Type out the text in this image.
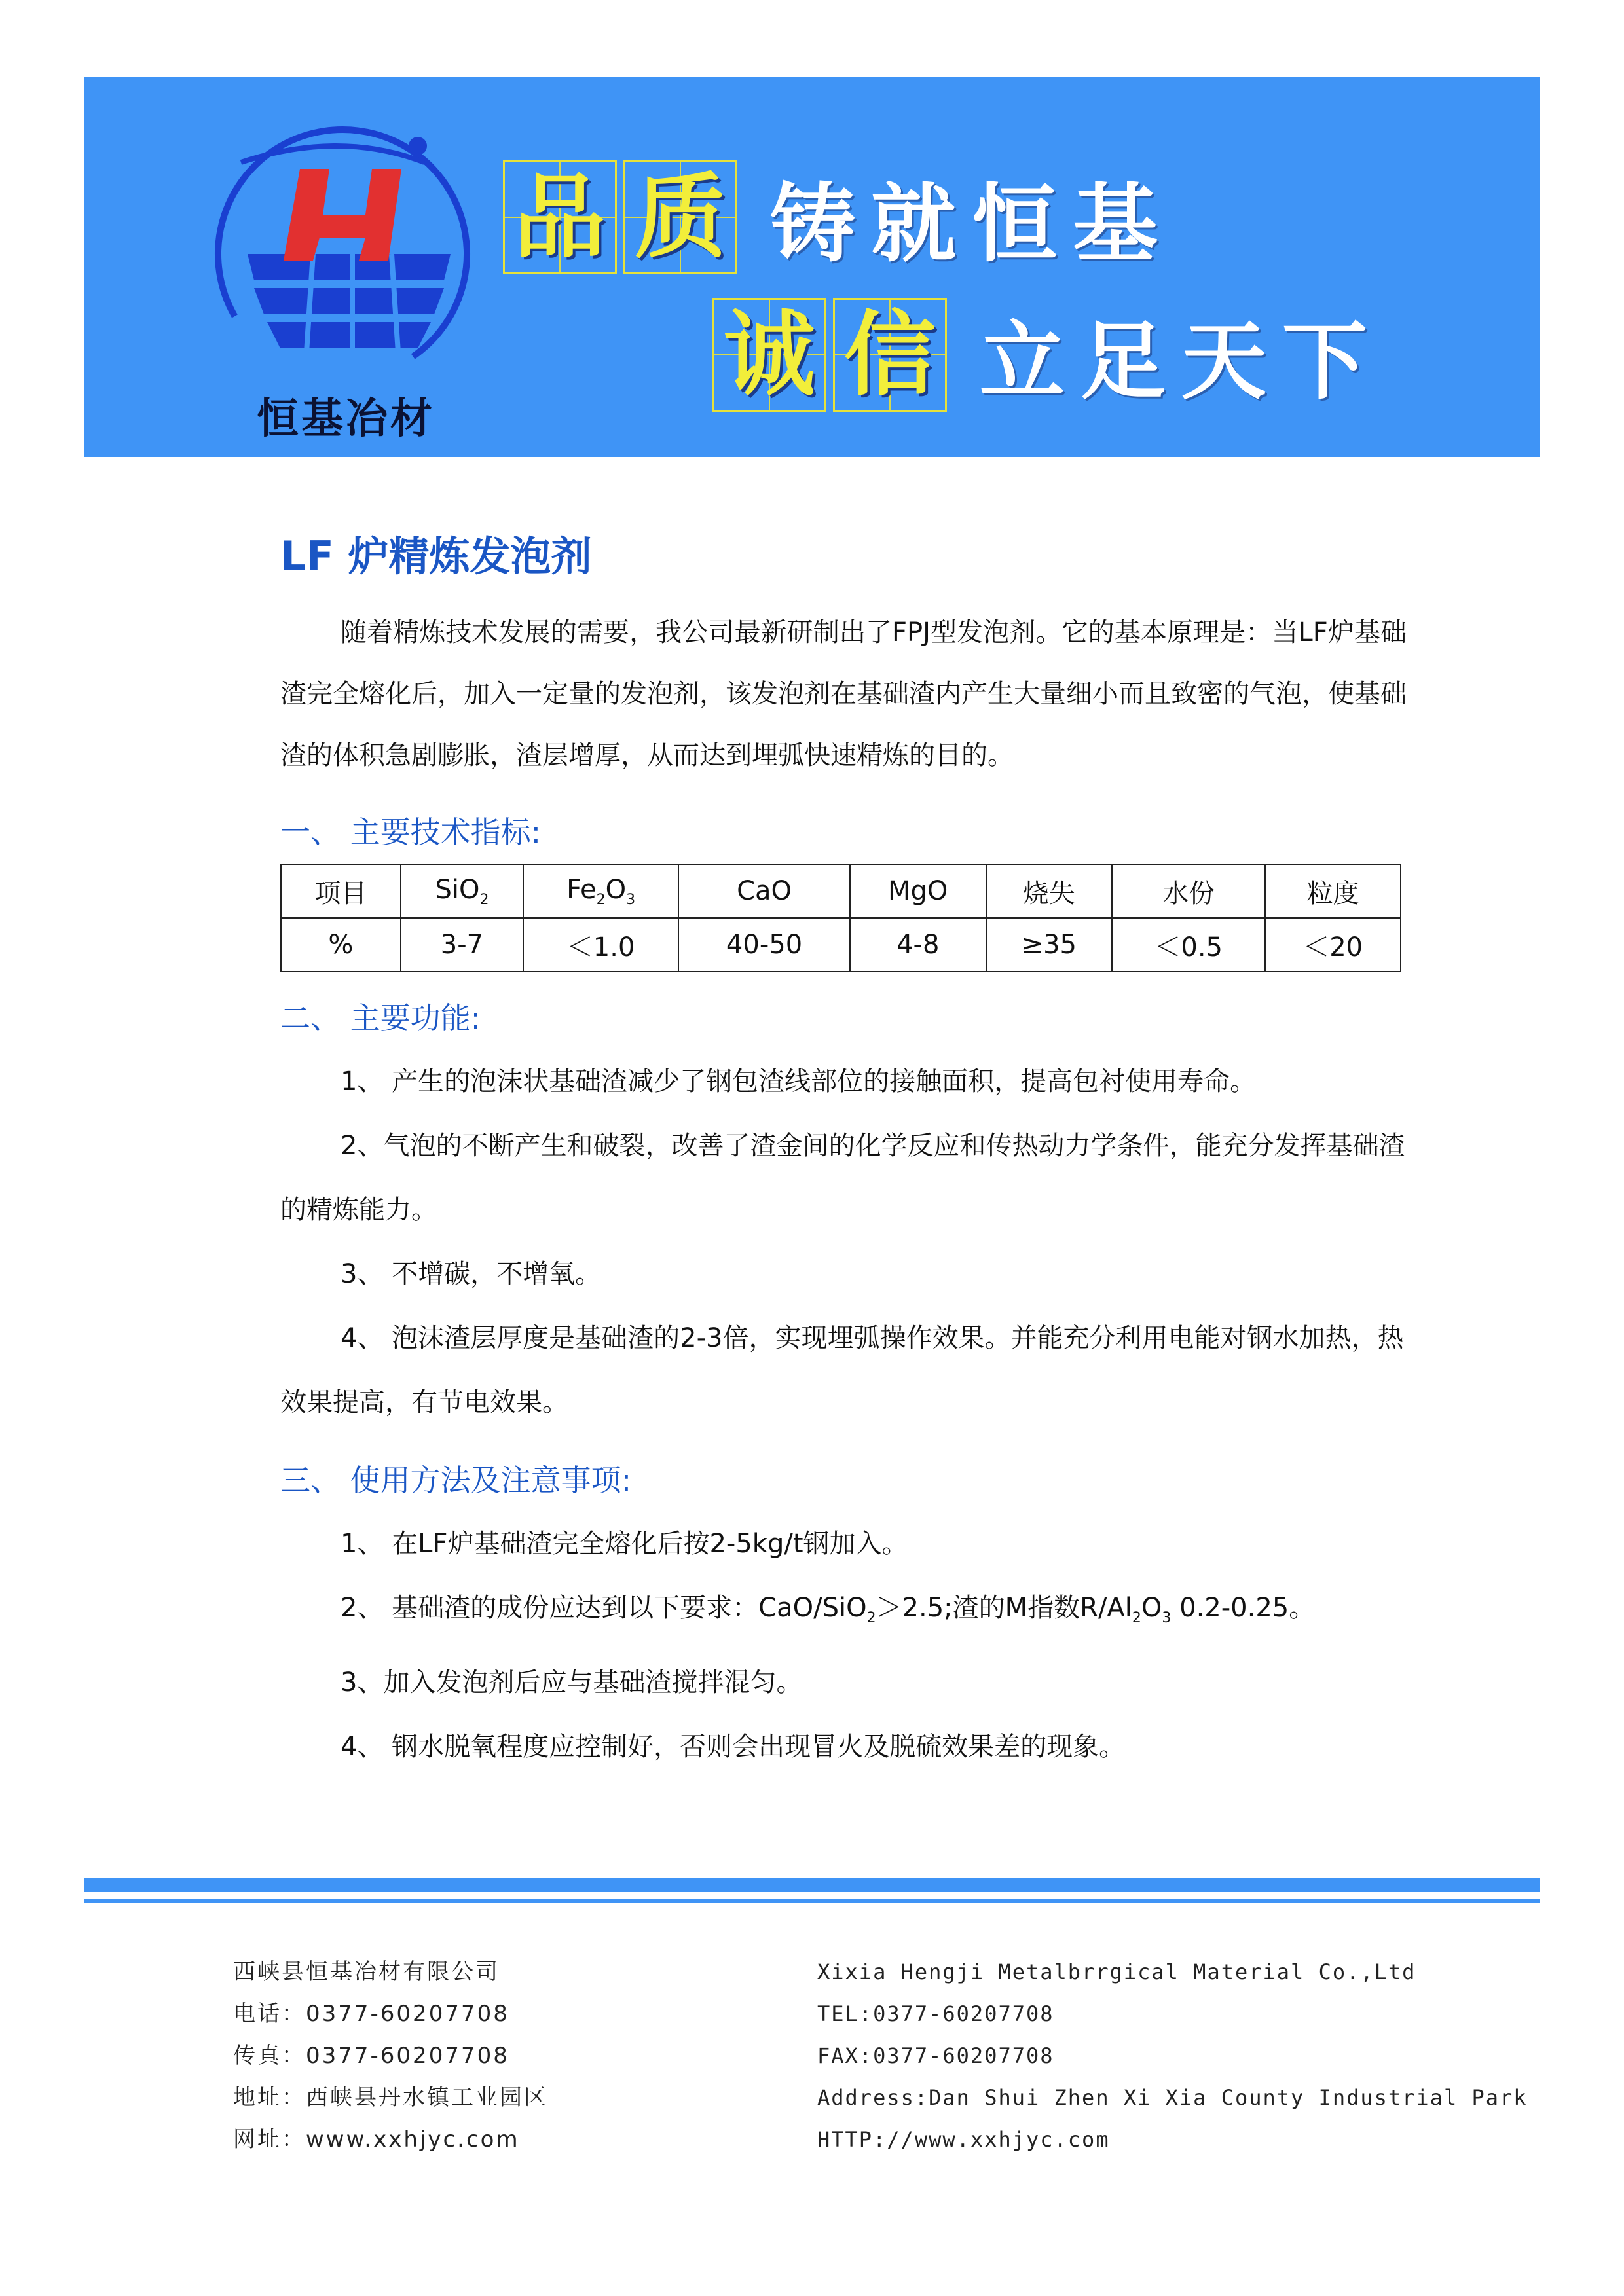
恒基冶材
品 质 铸就恒基
诚 信 立足天下
LF 炉精炼发泡剂

随着精炼技术发展的需要，我公司最新研制出了FPJ型发泡剂。它的基本原理是：当LF炉基础渣完全熔化后，加入一定量的发泡剂，该发泡剂在基础渣内产生大量细小而且致密的气泡，使基础渣的体积急剧膨胀，渣层增厚，从而达到埋弧快速精炼的目的。

一、 主要技术指标:
项目	SiO$_2$	$Fe_2O_3$	CaO	MgO	烧失	水份	粒度
%	3-7	＜1.0	40-50	4-8	≥35	＜0.5	＜20
二、 主要功能:

1、 产生的泡沫状基础渣减少了钢包渣线部位的接触面积，提高包衬使用寿命。

2、气泡的不断产生和破裂，改善了渣金间的化学反应和传热动力学条件，能充分发挥基础渣的精炼能力。

3、 不增碳，不增氧。

4、 泡沫渣层厚度是基础渣的2-3倍，实现埋弧操作效果。并能充分利用电能对钢水加热，热效果提高，有节电效果。

三、 使用方法及注意事项:

1、 在LF炉基础渣完全熔化后按2-5kg/t钢加入。

2、 基础渣的成份应达到以下要求：CaO/SiO$_2$＞2.5;渣的M指数$R/Al_2O_3$ 0.2-0.25。

3、加入发泡剂后应与基础渣搅拌混匀。

4、 钢水脱氧程度应控制好，否则会出现冒火及脱硫效果差的现象。

西峡县恒基冶材有限公司
电话：0377-60207708
传真：0377-60207708
地址：西峡县丹水镇工业园区
网址：www.xxhjyc.com
Xixia Hengji Metalbrrgical Material Co.,Ltd
TEL:0377-60207708
FAX:0377-60207708
Address:Dan Shui Zhen Xi Xia County Industrial Park
HTTP://www.xxhjyc.com
